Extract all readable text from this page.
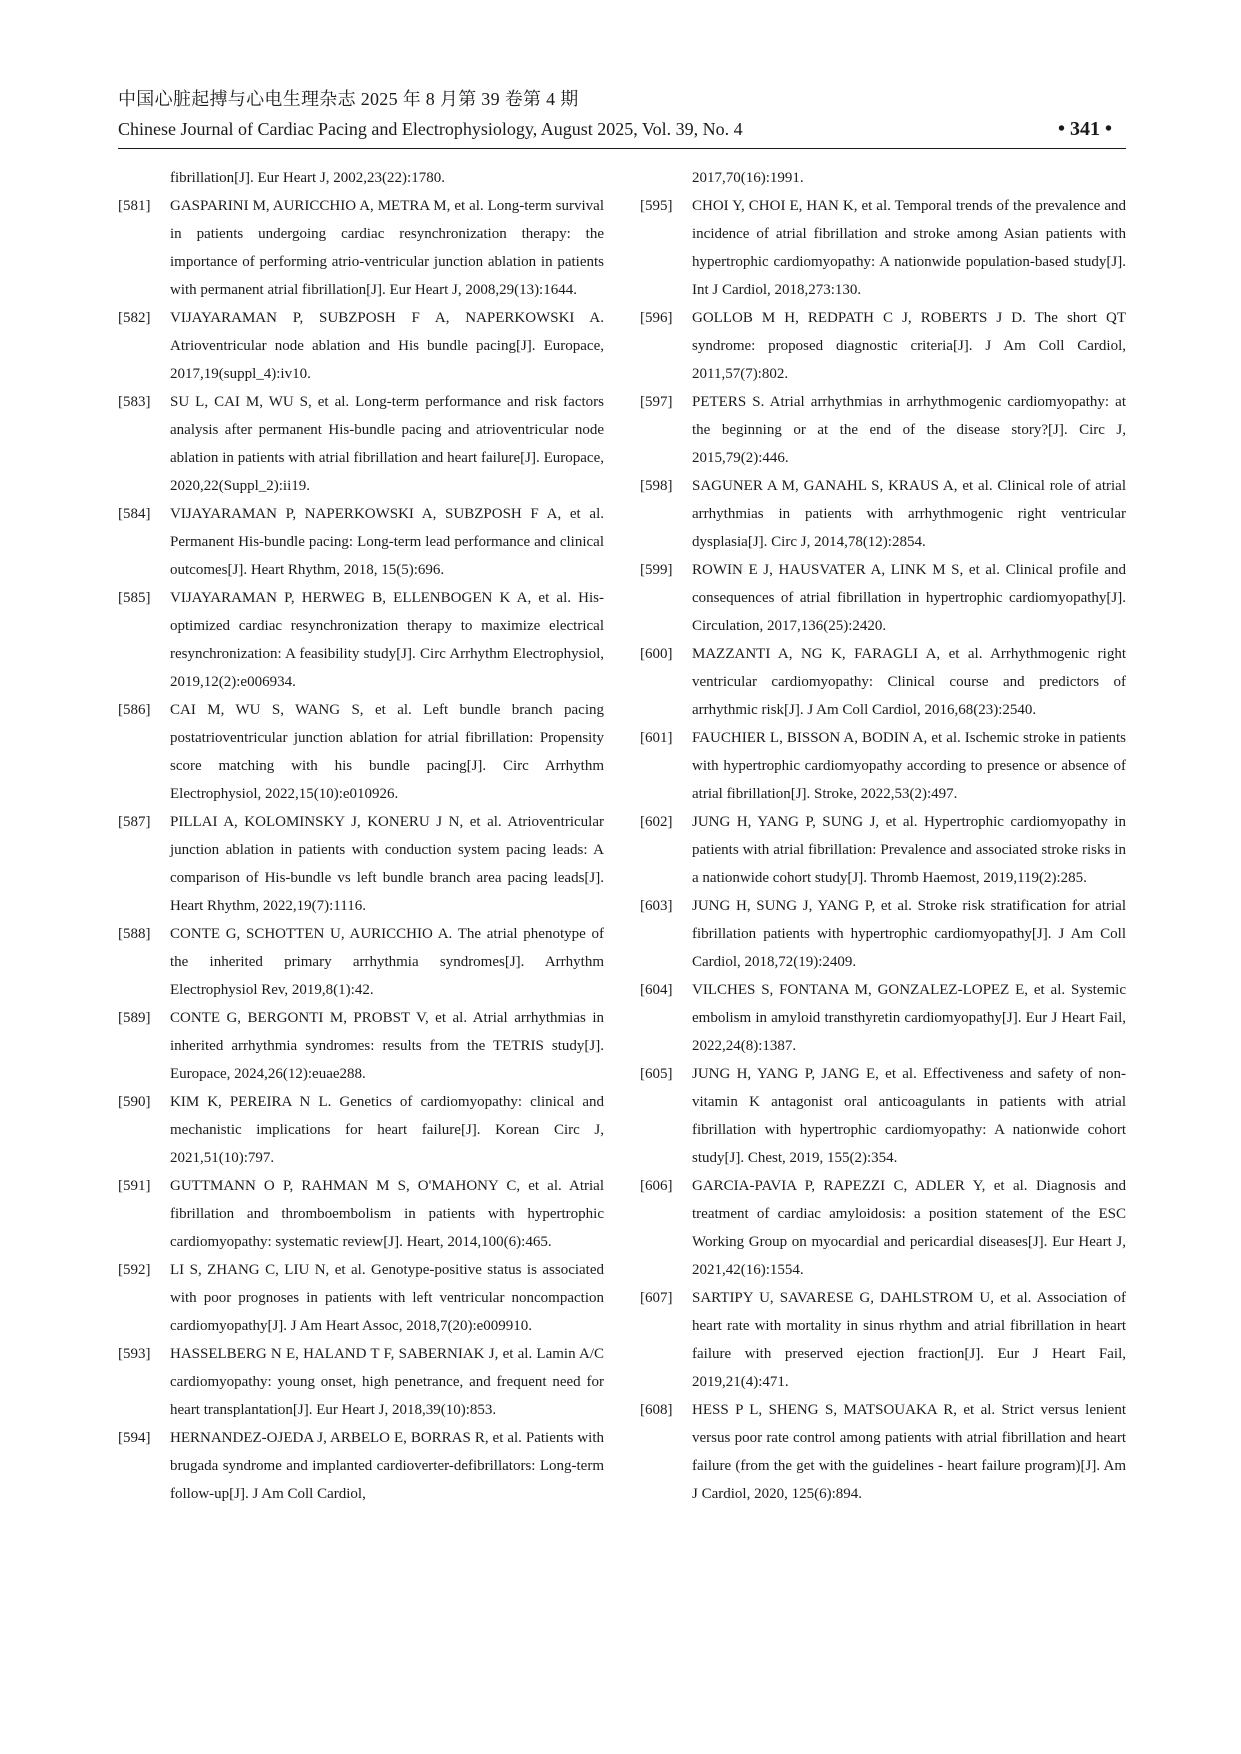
中国心脏起搏与心电生理杂志 2025 年 8 月第 39 卷第 4 期
Chinese Journal of Cardiac Pacing and Electrophysiology, August 2025, Vol. 39, No. 4	• 341 •
fibrillation[J]. Eur Heart J, 2002,23(22):1780.
[581]	GASPARINI M, AURICCHIO A, METRA M, et al. Long-term survival in patients undergoing cardiac resynchronization therapy: the importance of performing atrio-ventricular junction ablation in patients with permanent atrial fibrillation[J]. Eur Heart J, 2008,29(13):1644.
[582]	VIJAYARAMAN P, SUBZPOSH F A, NAPERKOWSKI A. Atrioventricular node ablation and His bundle pacing[J]. Europace, 2017,19(suppl_4):iv10.
[583]	SU L, CAI M, WU S, et al. Long-term performance and risk factors analysis after permanent His-bundle pacing and atrioventricular node ablation in patients with atrial fibrillation and heart failure[J]. Europace, 2020,22(Suppl_2):ii19.
[584]	VIJAYARAMAN P, NAPERKOWSKI A, SUBZPOSH F A, et al. Permanent His-bundle pacing: Long-term lead performance and clinical outcomes[J]. Heart Rhythm, 2018, 15(5):696.
[585]	VIJAYARAMAN P, HERWEG B, ELLENBOGEN K A, et al. His-optimized cardiac resynchronization therapy to maximize electrical resynchronization: A feasibility study[J]. Circ Arrhythm Electrophysiol, 2019,12(2):e006934.
[586]	CAI M, WU S, WANG S, et al. Left bundle branch pacing postatrioventricular junction ablation for atrial fibrillation: Propensity score matching with his bundle pacing[J]. Circ Arrhythm Electrophysiol, 2022,15(10):e010926.
[587]	PILLAI A, KOLOMINSKY J, KONERU J N, et al. Atrioventricular junction ablation in patients with conduction system pacing leads: A comparison of His-bundle vs left bundle branch area pacing leads[J]. Heart Rhythm, 2022,19(7):1116.
[588]	CONTE G, SCHOTTEN U, AURICCHIO A. The atrial phenotype of the inherited primary arrhythmia syndromes[J]. Arrhythm Electrophysiol Rev, 2019,8(1):42.
[589]	CONTE G, BERGONTI M, PROBST V, et al. Atrial arrhythmias in inherited arrhythmia syndromes: results from the TETRIS study[J]. Europace, 2024,26(12):euae288.
[590]	KIM K, PEREIRA N L. Genetics of cardiomyopathy: clinical and mechanistic implications for heart failure[J]. Korean Circ J, 2021,51(10):797.
[591]	GUTTMANN O P, RAHMAN M S, O'MAHONY C, et al. Atrial fibrillation and thromboembolism in patients with hypertrophic cardiomyopathy: systematic review[J]. Heart, 2014,100(6):465.
[592]	LI S, ZHANG C, LIU N, et al. Genotype-positive status is associated with poor prognoses in patients with left ventricular noncompaction cardiomyopathy[J]. J Am Heart Assoc, 2018,7(20):e009910.
[593]	HASSELBERG N E, HALAND T F, SABERNIAK J, et al. Lamin A/C cardiomyopathy: young onset, high penetrance, and frequent need for heart transplantation[J]. Eur Heart J, 2018,39(10):853.
[594]	HERNANDEZ-OJEDA J, ARBELO E, BORRAS R, et al. Patients with brugada syndrome and implanted cardioverter-defibrillators: Long-term follow-up[J]. J Am Coll Cardiol,
2017,70(16):1991.
[595]	CHOI Y, CHOI E, HAN K, et al. Temporal trends of the prevalence and incidence of atrial fibrillation and stroke among Asian patients with hypertrophic cardiomyopathy: A nationwide population-based study[J]. Int J Cardiol, 2018,273:130.
[596]	GOLLOB M H, REDPATH C J, ROBERTS J D. The short QT syndrome: proposed diagnostic criteria[J]. J Am Coll Cardiol, 2011,57(7):802.
[597]	PETERS S. Atrial arrhythmias in arrhythmogenic cardiomyopathy: at the beginning or at the end of the disease story?[J]. Circ J, 2015,79(2):446.
[598]	SAGUNER A M, GANAHL S, KRAUS A, et al. Clinical role of atrial arrhythmias in patients with arrhythmogenic right ventricular dysplasia[J]. Circ J, 2014,78(12):2854.
[599]	ROWIN E J, HAUSVATER A, LINK M S, et al. Clinical profile and consequences of atrial fibrillation in hypertrophic cardiomyopathy[J]. Circulation, 2017,136(25):2420.
[600]	MAZZANTI A, NG K, FARAGLI A, et al. Arrhythmogenic right ventricular cardiomyopathy: Clinical course and predictors of arrhythmic risk[J]. J Am Coll Cardiol, 2016,68(23):2540.
[601]	FAUCHIER L, BISSON A, BODIN A, et al. Ischemic stroke in patients with hypertrophic cardiomyopathy according to presence or absence of atrial fibrillation[J]. Stroke, 2022,53(2):497.
[602]	JUNG H, YANG P, SUNG J, et al. Hypertrophic cardiomyopathy in patients with atrial fibrillation: Prevalence and associated stroke risks in a nationwide cohort study[J]. Thromb Haemost, 2019,119(2):285.
[603]	JUNG H, SUNG J, YANG P, et al. Stroke risk stratification for atrial fibrillation patients with hypertrophic cardiomyopathy[J]. J Am Coll Cardiol, 2018,72(19):2409.
[604]	VILCHES S, FONTANA M, GONZALEZ-LOPEZ E, et al. Systemic embolism in amyloid transthyretin cardiomyopathy[J]. Eur J Heart Fail, 2022,24(8):1387.
[605]	JUNG H, YANG P, JANG E, et al. Effectiveness and safety of non-vitamin K antagonist oral anticoagulants in patients with atrial fibrillation with hypertrophic cardiomyopathy: A nationwide cohort study[J]. Chest, 2019, 155(2):354.
[606]	GARCIA-PAVIA P, RAPEZZI C, ADLER Y, et al. Diagnosis and treatment of cardiac amyloidosis: a position statement of the ESC Working Group on myocardial and pericardial diseases[J]. Eur Heart J, 2021,42(16):1554.
[607]	SARTIPY U, SAVARESE G, DAHLSTROM U, et al. Association of heart rate with mortality in sinus rhythm and atrial fibrillation in heart failure with preserved ejection fraction[J]. Eur J Heart Fail, 2019,21(4):471.
[608]	HESS P L, SHENG S, MATSOUAKA R, et al. Strict versus lenient versus poor rate control among patients with atrial fibrillation and heart failure (from the get with the guidelines - heart failure program)[J]. Am J Cardiol, 2020, 125(6):894.
